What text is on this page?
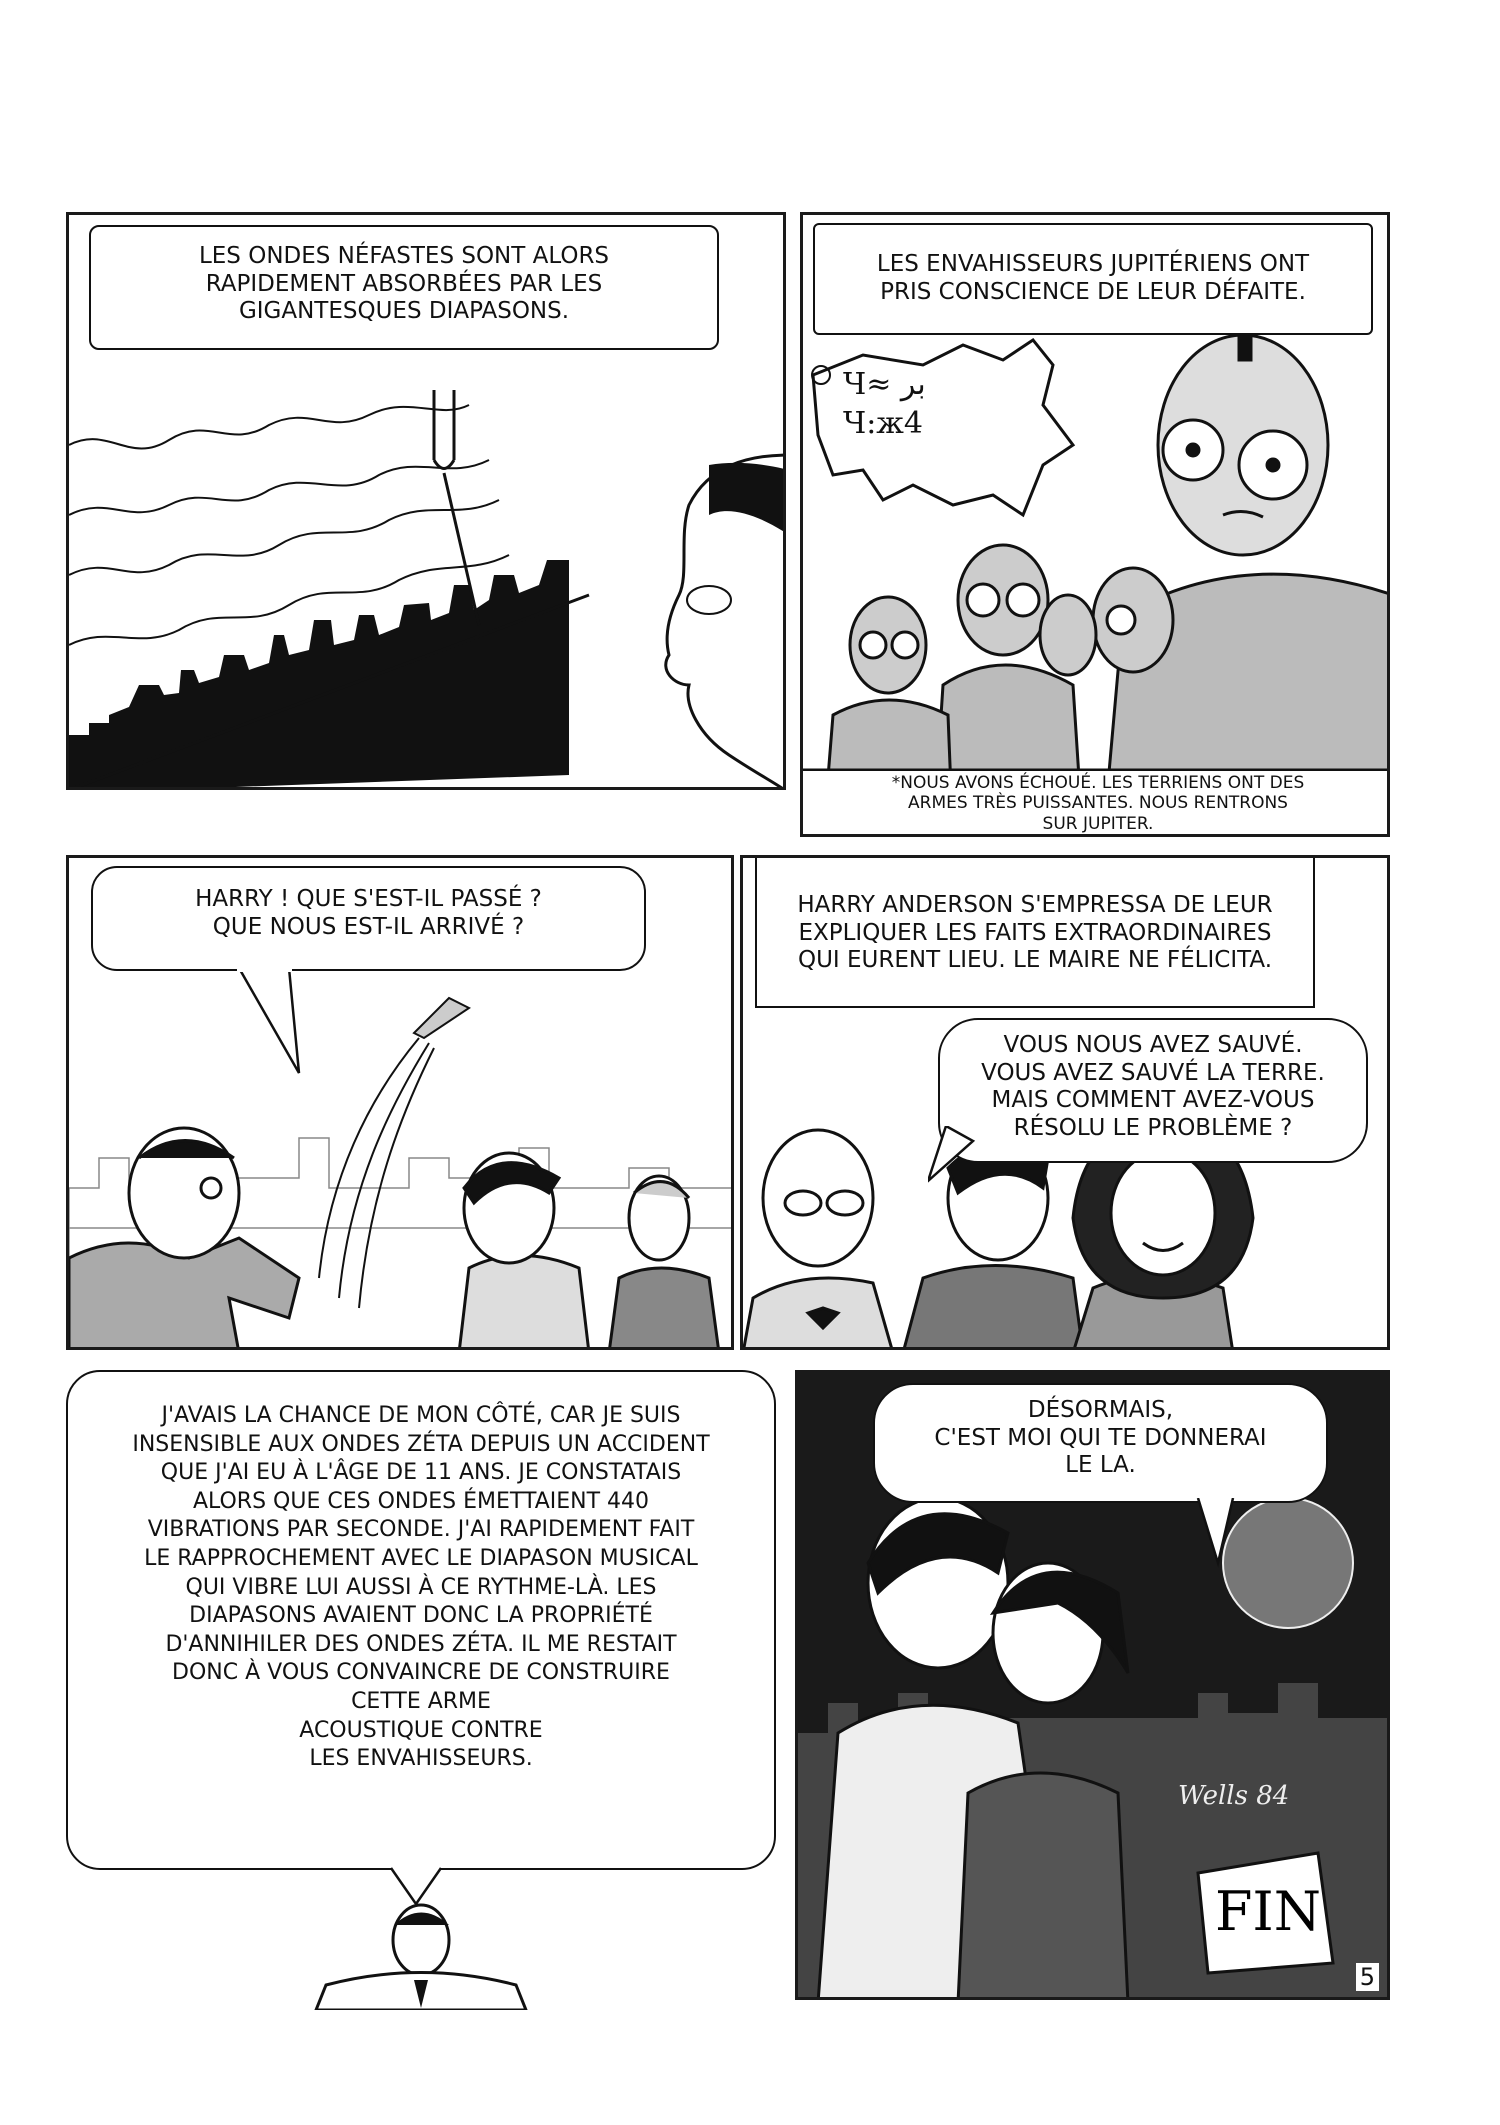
LES ONDES NÉFASTES SONT ALORS
RAPIDEMENT ABSORBÉES PAR LES
GIGANTESQUES DIAPASONS.
LES ENVAHISSEURS JUPITÉRIENS ONT
PRIS CONSCIENCE DE LEUR DÉFAITE.
Ч≈ ﺑﺮ
Ч:ж4
*NOUS AVONS ÉCHOUÉ. LES TERRIENS ONT DES
ARMES TRÈS PUISSANTES. NOUS RENTRONS
SUR JUPITER.
HARRY ! QUE S'EST-IL PASSÉ ?
QUE NOUS EST-IL ARRIVÉ ?
HARRY ANDERSON S'EMPRESSA DE LEUR
EXPLIQUER LES FAITS EXTRAORDINAIRES
QUI EURENT LIEU. LE MAIRE NE FÉLICITA.
VOUS NOUS AVEZ SAUVÉ.
VOUS AVEZ SAUVÉ LA TERRE.
MAIS COMMENT AVEZ-VOUS
RÉSOLU LE PROBLÈME ?
J'AVAIS LA CHANCE DE MON CÔTÉ, CAR JE SUIS
INSENSIBLE AUX ONDES ZÉTA DEPUIS UN ACCIDENT
QUE J'AI EU À L'ÂGE DE 11 ANS. JE CONSTATAIS
ALORS QUE CES ONDES ÉMETTAIENT 440
VIBRATIONS PAR SECONDE. J'AI RAPIDEMENT FAIT
LE RAPPROCHEMENT AVEC LE DIAPASON MUSICAL
QUI VIBRE LUI AUSSI À CE RYTHME-LÀ. LES
DIAPASONS AVAIENT DONC LA PROPRIÉTÉ
D'ANNIHILER DES ONDES ZÉTA. IL ME RESTAIT
DONC À VOUS CONVAINCRE DE CONSTRUIRE
CETTE ARME
ACOUSTIQUE CONTRE
LES ENVAHISSEURS.
DÉSORMAIS,
C'EST MOI QUI TE DONNERAI
LE LA.
Wells 84
FIN
5
